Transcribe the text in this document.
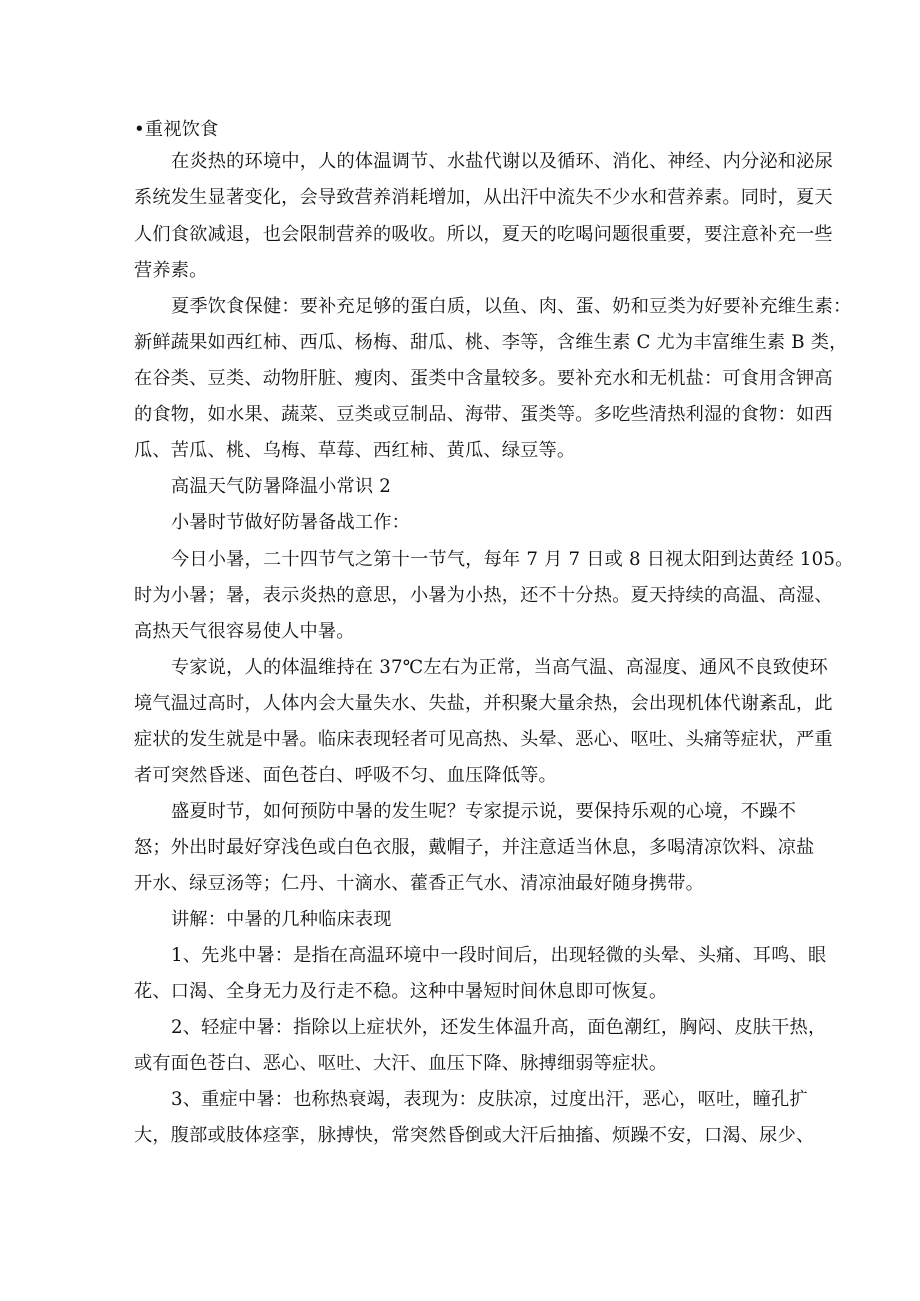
•重视饮食
在炎热的环境中，人的体温调节、水盐代谢以及循环、消化、神经、内分泌和泌尿
系统发生显著变化，会导致营养消耗增加，从出汗中流失不少水和营养素。同时，夏天
人们食欲减退，也会限制营养的吸收。所以，夏天的吃喝问题很重要，要注意补充一些
营养素。
夏季饮食保健：要补充足够的蛋白质，以鱼、肉、蛋、奶和豆类为好要补充维生素：
新鲜蔬果如西红柿、西瓜、杨梅、甜瓜、桃、李等，含维生素 C 尤为丰富维生素 B 类，
在谷类、豆类、动物肝脏、瘦肉、蛋类中含量较多。要补充水和无机盐：可食用含钾高
的食物，如水果、蔬菜、豆类或豆制品、海带、蛋类等。多吃些清热利湿的食物：如西
瓜、苦瓜、桃、乌梅、草莓、西红柿、黄瓜、绿豆等。
高温天气防暑降温小常识 2
小暑时节做好防暑备战工作：
今日小暑，二十四节气之第十一节气，每年 7 月 7 日或 8 日视太阳到达黄经 105。
时为小暑；暑，表示炎热的意思，小暑为小热，还不十分热。夏天持续的高温、高湿、
高热天气很容易使人中暑。
专家说，人的体温维持在 37℃左右为正常，当高气温、高湿度、通风不良致使环
境气温过高时，人体内会大量失水、失盐，并积聚大量余热，会出现机体代谢紊乱，此
症状的发生就是中暑。临床表现轻者可见高热、头晕、恶心、呕吐、头痛等症状，严重
者可突然昏迷、面色苍白、呼吸不匀、血压降低等。
盛夏时节，如何预防中暑的发生呢？专家提示说，要保持乐观的心境，不躁不
怒；外出时最好穿浅色或白色衣服，戴帽子，并注意适当休息，多喝清凉饮料、凉盐
开水、绿豆汤等；仁丹、十滴水、藿香正气水、清凉油最好随身携带。
讲解：中暑的几种临床表现
1、先兆中暑：是指在高温环境中一段时间后，出现轻微的头晕、头痛、耳鸣、眼
花、口渴、全身无力及行走不稳。这种中暑短时间休息即可恢复。
2、轻症中暑：指除以上症状外，还发生体温升高，面色潮红，胸闷、皮肤干热，
或有面色苍白、恶心、呕吐、大汗、血压下降、脉搏细弱等症状。
3、重症中暑：也称热衰竭，表现为：皮肤凉，过度出汗，恶心，呕吐，瞳孔扩
大，腹部或肢体痉挛，脉搏快，常突然昏倒或大汗后抽搐、烦躁不安，口渴、尿少、
